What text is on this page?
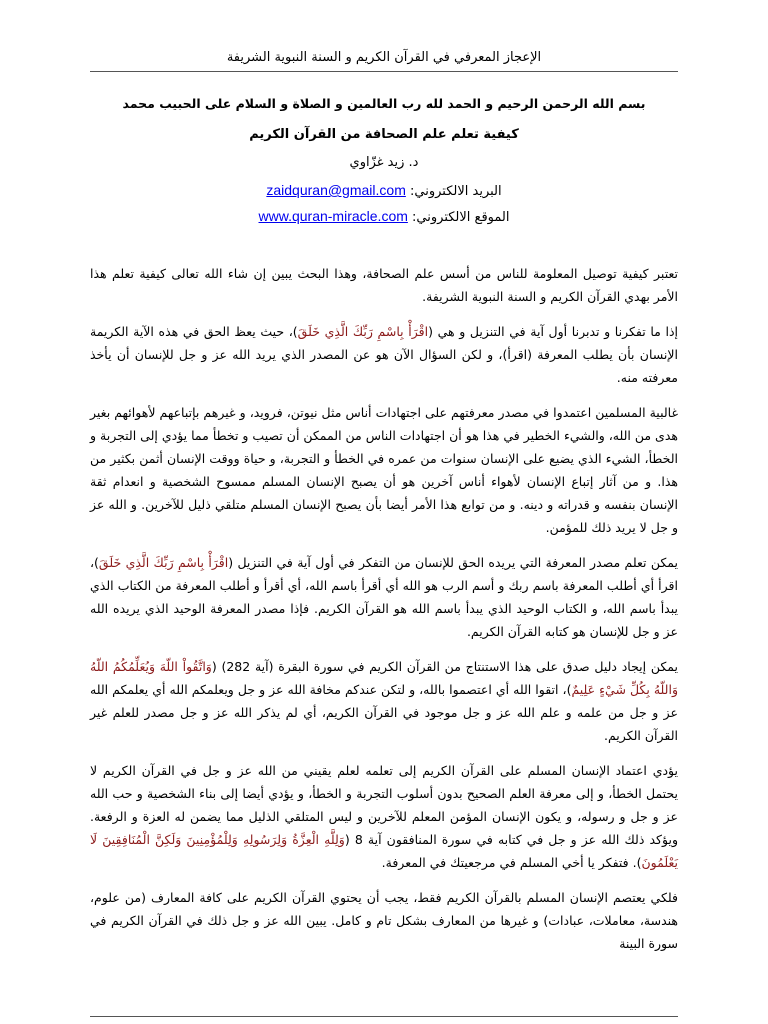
الإعجاز المعرفي في القرآن الكريم و السنة النبوية الشريفة
بسم الله الرحمن الرحيم و الحمد لله رب العالمين و الصلاة و السلام على الحبيب محمد
كيفية تعلم علم الصحافة من القرآن الكريم
د. زيد غزّاوي
البريد الالكتروني: zaidquran@gmail.com
الموقع الالكتروني: www.quran-miracle.com

تعتبر كيفية توصيل المعلومة للناس من أسس علم الصحافة، وهذا البحث يبين إن شاء الله تعالى كيفية تعلم هذا الأمر بهدي القرآن الكريم و السنة النبوية الشريفة.

إذا ما تفكرنا و تدبرنا أول آية في التنزيل و هي (اقْرَأْ بِاسْمِ رَبِّكَ الَّذِي خَلَقَ)، حيث يعظ الحق في هذه الآية الكريمة الإنسان بأن يطلب المعرفة (اقرأ)، و لكن السؤال الآن هو عن المصدر الذي يريد الله عز و جل للإنسان أن يأخذ معرفته منه.

غالبية المسلمين اعتمدوا في مصدر معرفتهم على اجتهادات أناس مثل نيوتن، فرويد، و غيرهم بإتباعهم لأهوائهم بغير هدى من الله، والشيء الخطير في هذا هو أن اجتهادات الناس من الممكن أن تصيب و تخطأ مما يؤدي إلى التجربة و الخطأ، الشيء الذي يضيع على الإنسان سنوات من عمره في الخطأ و التجربة، و حياة ووقت الإنسان أثمن بكثير من هذا. و من آثار إتباع الإنسان لأهواء أناس آخرين هو أن يصبح الإنسان المسلم ممسوح الشخصية و انعدام ثقة الإنسان بنفسه و قدراته و دينه. و من توابع هذا الأمر أيضا بأن يصبح الإنسان المسلم متلقي ذليل للآخرين. و الله عز و جل لا يريد ذلك للمؤمن.

يمكن تعلم مصدر المعرفة التي يريده الحق للإنسان من التفكر في أول آية في التنزيل (اقْرَأْ بِاسْمِ رَبِّكَ الَّذِي خَلَقَ)، اقرأ أي أطلب المعرفة باسم ربك و أسم الرب هو الله أي أقرأ باسم الله، أي أقرأ و أطلب المعرفة من الكتاب الذي يبدأ باسم الله، و الكتاب الوحيد الذي يبدأ باسم الله هو القرآن الكريم. فإذا مصدر المعرفة الوحيد الذي يريده الله عز و جل للإنسان هو كتابه القرآن الكريم.

يمكن إيجاد دليل صدق على هذا الاستنتاج من القرآن الكريم في سورة البقرة (آية 282) (وَاتَّقُواْ اللّهَ وَيُعَلِّمُكُمُ اللّهُ وَاللّهُ بِكُلِّ شَيْءٍ عَلِيمٌ)، اتقوا الله أي اعتصموا بالله، و لتكن عندكم مخافة الله عز و جل ويعلمكم الله أي يعلمكم الله عز و جل من علمه و علم الله عز و جل موجود في القرآن الكريم، أي لم يذكر الله عز و جل مصدر للعلم غير القرآن الكريم.

يؤدي اعتماد الإنسان المسلم على القرآن الكريم إلى تعلمه لعلم يقيني من الله عز و جل في القرآن الكريم لا يحتمل الخطأ، و إلى معرفة العلم الصحيح بدون أسلوب التجربة و الخطأ، و يؤدي أيضا إلى بناء الشخصية و حب الله عز و جل و رسوله، و يكون الإنسان المؤمن المعلم للآخرين و ليس المتلقي الذليل مما يضمن له العزة و الرفعة. ويؤكد ذلك الله عز و جل في كتابه في سورة المنافقون آية 8 (وَلِلَّهِ الْعِزَّةُ وَلِرَسُولِهِ وَلِلْمُؤْمِنِينَ وَلَكِنَّ الْمُنَافِقِينَ لَا يَعْلَمُونَ). فتفكر يا أخي المسلم في مرجعيتك في المعرفة.

فلكي يعتصم الإنسان المسلم بالقرآن الكريم فقط، يجب أن يحتوي القرآن الكريم على كافة المعارف (من علوم، هندسة، معاملات، عبادات) و غيرها من المعارف بشكل تام و كامل. يبين الله عز و جل ذلك في القرآن الكريم في سورة البينة
